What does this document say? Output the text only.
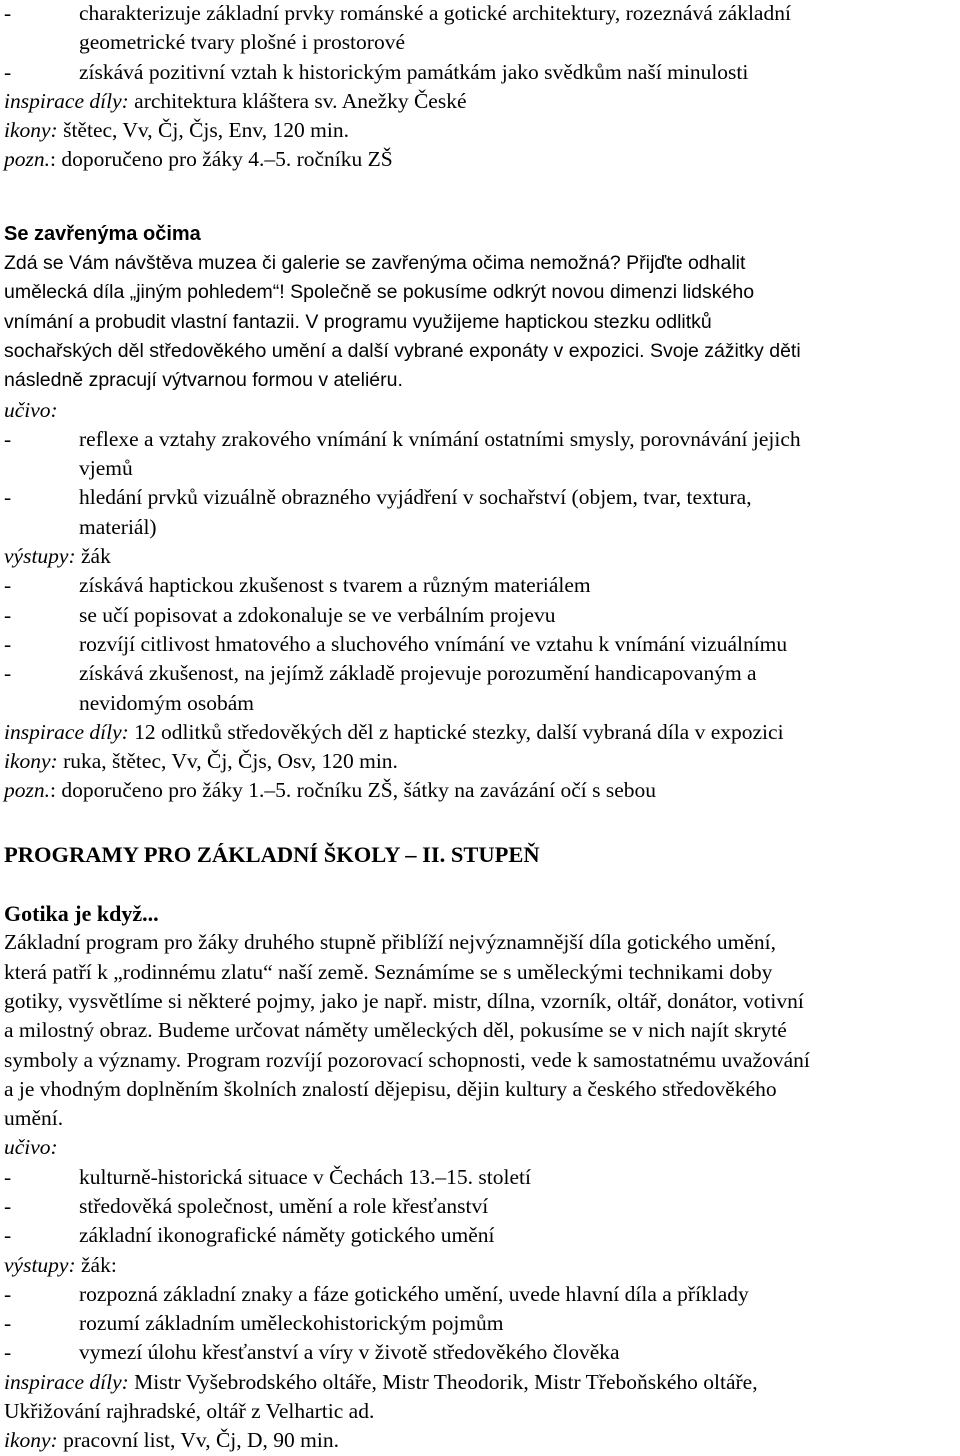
-	charakterizuje základní prvky románské a gotické architektury, rozeznává základní
geometrické tvary plošné i prostorové
-	získává pozitivní vztah k historickým památkám jako svědkům naší minulosti
inspirace díly: architektura kláštera sv. Anežky České
ikony: štětec, Vv, Čj, Čjs, Env, 120 min.
pozn.: doporučeno pro žáky 4.–5. ročníku ZŠ
Se zavřenýma očima
Zdá se Vám návštěva muzea či galerie se zavřenýma očima nemožná? Přijďte odhalit
umělecká díla „jiným pohledem“! Společně se pokusíme odkrýt novou dimenzi lidského
vnímání a probudit vlastní fantazii. V programu využijeme haptickou stezku odlitků
sochařských děl středověkého umění a další vybrané exponáty v expozici. Svoje zážitky děti
následně zpracují výtvarnou formou v ateliéru.
učivo:
-	reflexe a vztahy zrakového vnímání k vnímání ostatními smysly, porovnávání jejich
vjemů
-	hledání prvků vizuálně obrazného vyjádření v sochařství (objem, tvar, textura,
materiál)
výstupy: žák
-	získává haptickou zkušenost s tvarem a různým materiálem
-	se učí popisovat a zdokonaluje se ve verbálním projevu
-	rozvíjí citlivost hmatového a sluchového vnímání ve vztahu k vnímání vizuálnímu
-	získává zkušenost, na jejímž základě projevuje porozumění handicapovaným a
nevidomým osobám
inspirace díly: 12 odlitků středověkých děl z haptické stezky, další vybraná díla v expozici
ikony: ruka, štětec, Vv, Čj, Čjs, Osv, 120 min.
pozn.: doporučeno pro žáky 1.–5. ročníku ZŠ, šátky na zavázání očí s sebou
PROGRAMY PRO ZÁKLADNÍ ŠKOLY – II. STUPEŇ
Gotika je když...
Základní program pro žáky druhého stupně přiblíží nejvýznamnější díla gotického umění,
která patří k „rodinnému zlatu“ naší země. Seznámíme se s uměleckými technikami doby
gotiky, vysvětlíme si některé pojmy, jako je např. mistr, dílna, vzorník, oltář, donátor, votivní
a milostný obraz. Budeme určovat náměty uměleckých děl, pokusíme se v nich najít skryté
symboly a významy. Program rozvíjí pozorovací schopnosti, vede k samostatnému uvažování
a je vhodným doplněním školních znalostí dějepisu, dějin kultury a českého středověkého
umění.
učivo:
-	kulturně-historická situace v Čechách 13.–15. století
-	středověká společnost, umění a role křesťanství
-	základní ikonografické náměty gotického umění
výstupy: žák:
-	rozpozná základní znaky a fáze gotického umění, uvede hlavní díla a příklady
-	rozumí základním uměleckohistorickým pojmům
-	vymezí úlohu křesťanství a víry v životě středověkého člověka
inspirace díly: Mistr Vyšebrodského oltáře, Mistr Theodorik, Mistr Třeboňského oltáře,
Ukřižování rajhradské, oltář z Velhartic ad.
ikony: pracovní list, Vv, Čj, D, 90 min.
